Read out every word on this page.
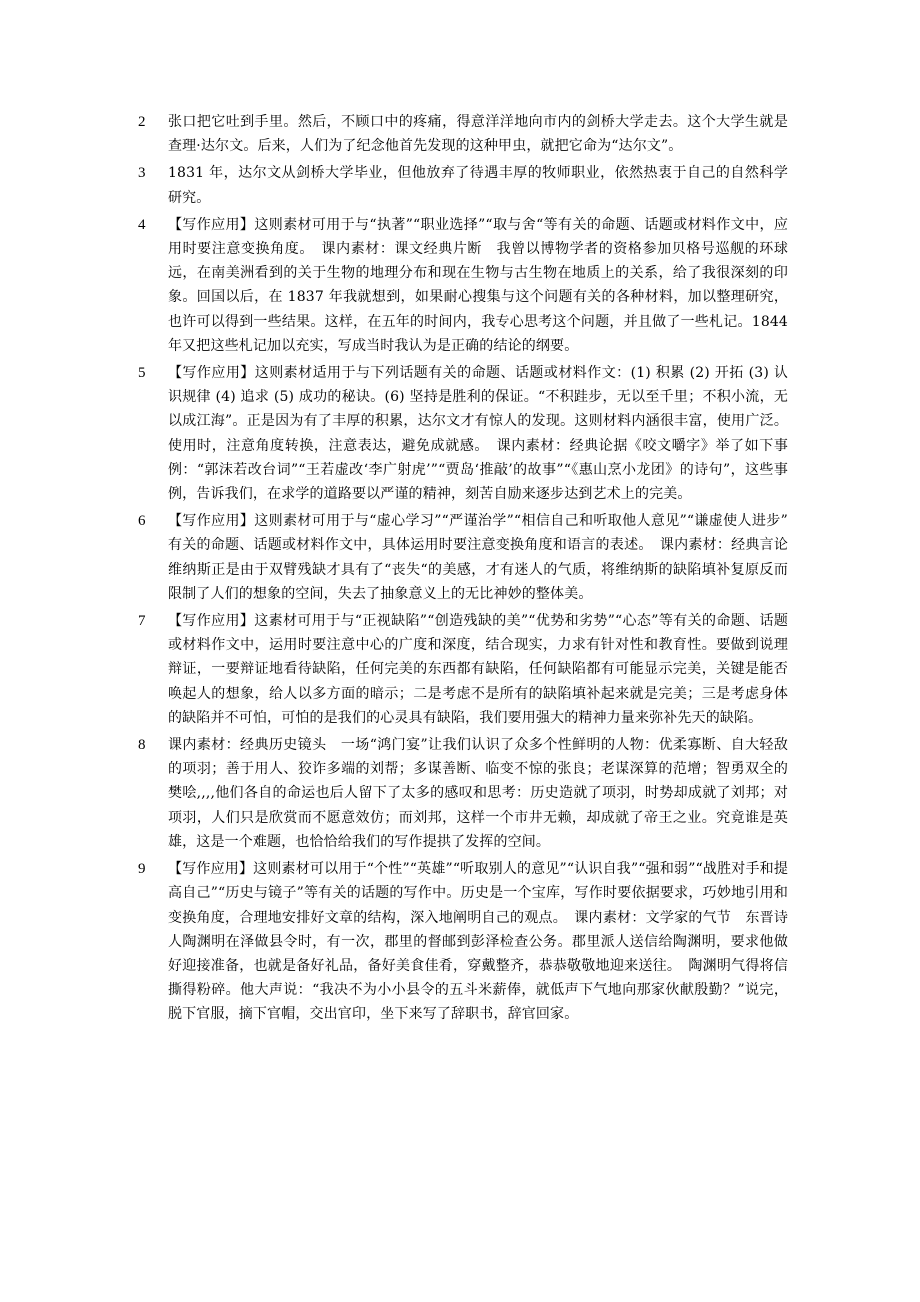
2	张口把它吐到手里。然后，不顾口中的疼痛，得意洋洋地向市内的剑桥大学走去。这个大学生就是查理·达尔文。后来，人们为了纪念他首先发现的这种甲虫，就把它命为“达尔文”。
3	1831 年，达尔文从剑桥大学毕业，但他放弃了待遇丰厚的牧师职业，依然热衷于自己的自然科学研究。
4	【写作应用】这则素材可用于与“执著”“职业选择”“取与舍“等有关的命题、话题或材料作文中，应用时要注意变换角度。　课内素材：课文经典片断　我曾以博物学者的资格参加贝格号巡舰的环球远，在南美洲看到的关于生物的地理分布和现在生物与古生物在地质上的关系，给了我很深刻的印象。回国以后，在 1837 年我就想到，如果耐心搜集与这个问题有关的各种材料，加以整理研究，也许可以得到一些结果。这样，在五年的时间内，我专心思考这个问题，并且做了一些札记。1844 年又把这些札记加以充实，写成当时我认为是正确的结论的纲要。
5	【写作应用】这则素材适用于与下列话题有关的命题、话题或材料作文：(1) 积累 (2) 开拓 (3) 认识规律 (4) 追求 (5) 成功的秘诀。(6) 坚持是胜利的保证。“不积跬步，无以至千里；不积小流，无以成江海”。正是因为有了丰厚的积累，达尔文才有惊人的发现。这则材料内涵很丰富，使用广泛。使用时，注意角度转换，注意表达，避免成就感。　课内素材：经典论据《咬文嚼字》举了如下事例：“郭沫若改台词”“王若虚改‘李广射虎’”“贾岛‘推敲’的故事”“《惠山烹小龙团》的诗句”，这些事例，告诉我们，在求学的道路要以严谨的精神，刻苦自励来逐步达到艺术上的完美。
6	【写作应用】这则素材可用于与“虚心学习”“严谨治学”“相信自己和听取他人意见”“谦虚使人进步”　有关的命题、话题或材料作文中，具体运用时要注意变换角度和语言的表述。　课内素材：经典言论　维纳斯正是由于双臂残缺才具有了“丧失“的美感，才有迷人的气质，将维纳斯的缺陷填补复原反而限制了人们的想象的空间，失去了抽象意义上的无比神妙的整体美。
7	【写作应用】这素材可用于与“正视缺陷”“创造残缺的美”“优势和劣势”“心态”等有关的命题、话题或材料作文中，运用时要注意中心的广度和深度，结合现实，力求有针对性和教育性。要做到说理辩证，一要辩证地看待缺陷，任何完美的东西都有缺陷，任何缺陷都有可能显示完美，关键是能否唤起人的想象，给人以多方面的暗示；二是考虑不是所有的缺陷填补起来就是完美；三是考虑身体的缺陷并不可怕，可怕的是我们的心灵具有缺陷，我们要用强大的精神力量来弥补先天的缺陷。
8	课内素材：经典历史镜头　一场“鸿门宴”让我们认识了众多个性鲜明的人物：优柔寡断、自大轻敌的项羽；善于用人、狡诈多端的刘帮；多谋善断、临变不惊的张良；老谋深算的范增；智勇双全的樊哙,,,,他们各自的命运也后人留下了太多的感叹和思考：历史造就了项羽，时势却成就了刘邦；对项羽，人们只是欣赏而不愿意效仿；而刘邦，这样一个市井无赖，却成就了帝王之业。究竟谁是英雄，这是一个难题，也恰恰给我们的写作提拱了发挥的空间。
9	【写作应用】这则素材可以用于“个性”“英雄”“听取别人的意见”“认识自我”“强和弱”“战胜对手和提高自己”“历史与镜子”等有关的话题的写作中。历史是一个宝库，写作时要依据要求，巧妙地引用和变换角度，合理地安排好文章的结构，深入地阐明自己的观点。　课内素材：文学家的气节　东晋诗人陶渊明在泽做县令时，有一次，郡里的督邮到彭泽检查公务。郡里派人送信给陶渊明，要求他做好迎接准备，也就是备好礼品，备好美食佳肴，穿戴整齐，恭恭敬敬地迎来送往。　陶渊明气得将信撕得粉碎。他大声说：“我决不为小小县令的五斗米薪俸，就低声下气地向那家伙献殷勤？”说完，脱下官服，摘下官帽，交出官印，坐下来写了辞职书，辞官回家。
